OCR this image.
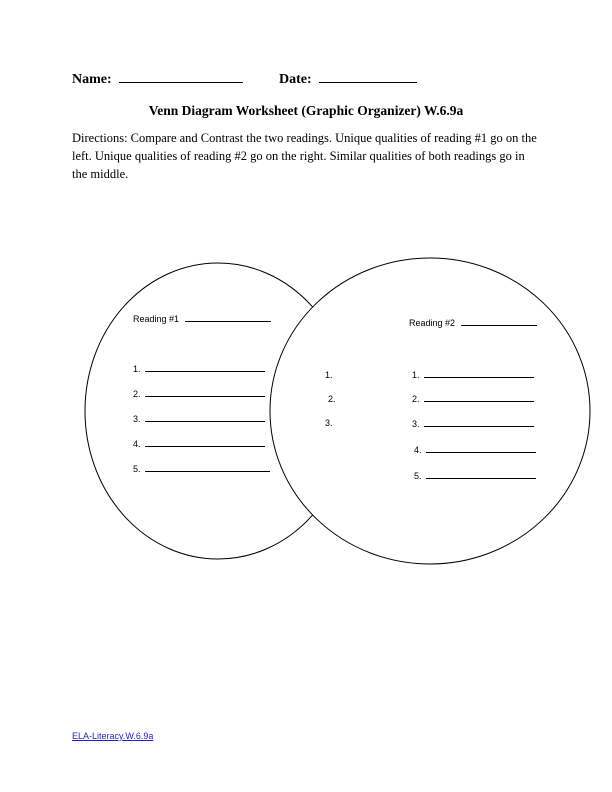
Name:	Date:
Venn Diagram Worksheet (Graphic Organizer) W.6.9a
Directions: Compare and Contrast the two readings. Unique qualities of reading #1 go on the left. Unique qualities of reading #2 go on the right. Similar qualities of both readings go in the middle.
Reading #1
1.
2.
3.
4.
5.
1.
2.
3.
Reading #2
1.
2.
3.
4.
5.
ELA-Literacy.W.6.9a
